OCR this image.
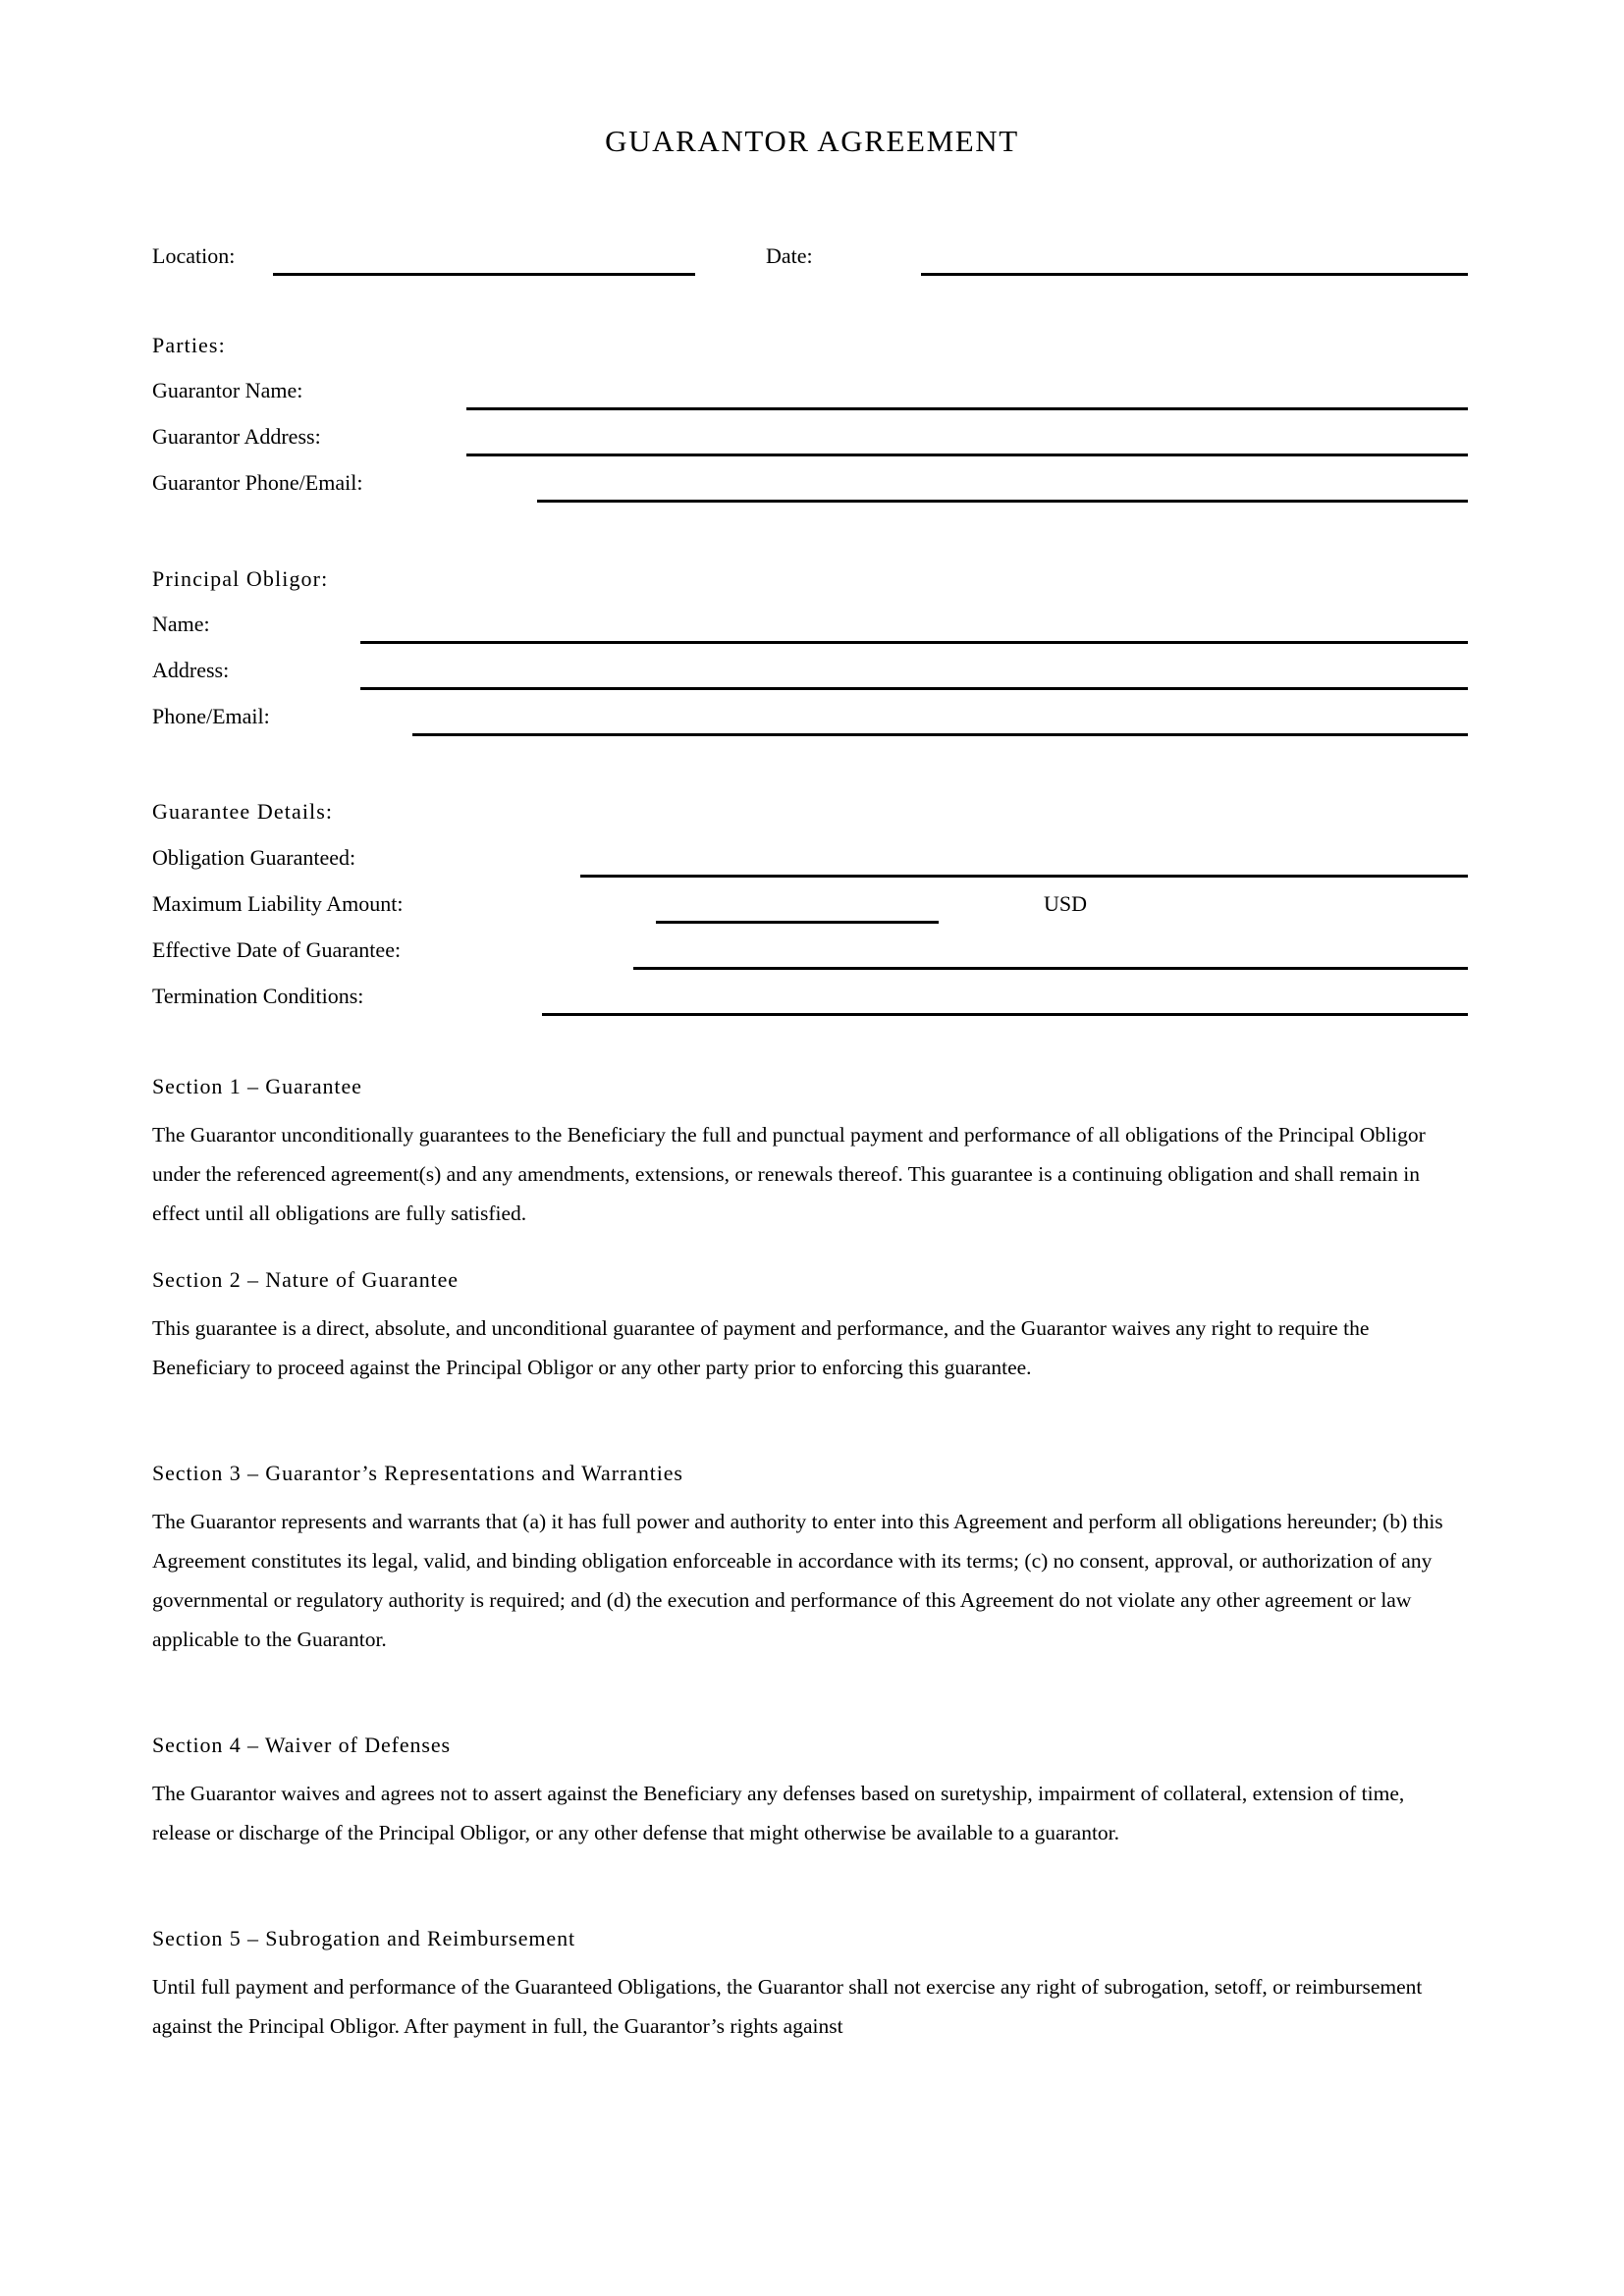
GUARANTOR AGREEMENT
Location:	Date:
Parties:
Guarantor Name:
Guarantor Address:
Guarantor Phone/Email:
Principal Obligor:
Name:
Address:
Phone/Email:
Guarantee Details:
Obligation Guaranteed:
Maximum Liability Amount:	USD
Effective Date of Guarantee:
Termination Conditions:
Section 1 – Guarantee

The Guarantor unconditionally guarantees to the Beneficiary the full and punctual payment and performance of all obligations of the Principal Obligor under the referenced agreement(s) and any amendments, extensions, or renewals thereof. This guarantee is a continuing obligation and shall remain in effect until all obligations are fully satisfied.

Section 2 – Nature of Guarantee

This guarantee is a direct, absolute, and unconditional guarantee of payment and performance, and the Guarantor waives any right to require the Beneficiary to proceed against the Principal Obligor or any other party prior to enforcing this guarantee.

Section 3 – Guarantor’s Representations and Warranties

The Guarantor represents and warrants that (a) it has full power and authority to enter into this Agreement and perform all obligations hereunder; (b) this Agreement constitutes its legal, valid, and binding obligation enforceable in accordance with its terms; (c) no consent, approval, or authorization of any governmental or regulatory authority is required; and (d) the execution and performance of this Agreement do not violate any other agreement or law applicable to the Guarantor.

Section 4 – Waiver of Defenses

The Guarantor waives and agrees not to assert against the Beneficiary any defenses based on suretyship, impairment of collateral, extension of time, release or discharge of the Principal Obligor, or any other defense that might otherwise be available to a guarantor.

Section 5 – Subrogation and Reimbursement

Until full payment and performance of the Guaranteed Obligations, the Guarantor shall not exercise any right of subrogation, setoff, or reimbursement against the Principal Obligor. After payment in full, the Guarantor’s rights against
